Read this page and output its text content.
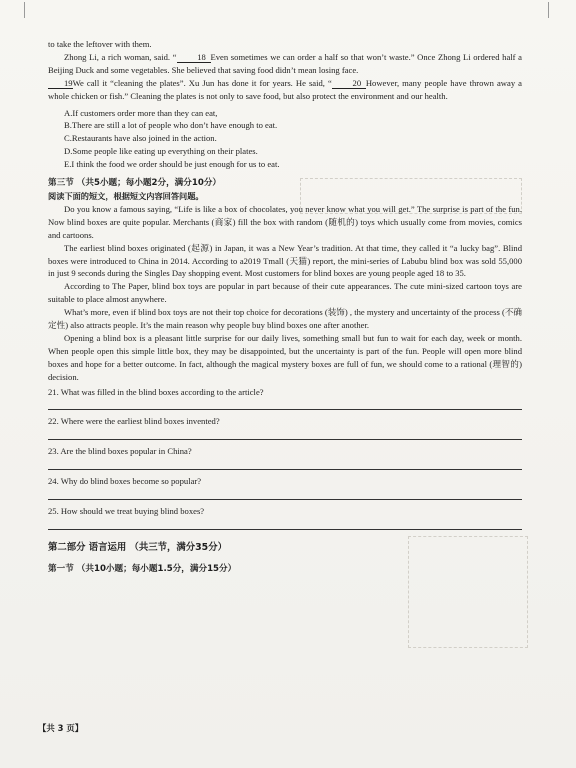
to take the leftover with them.

Zhong Li, a rich woman, said. “ 18 Even sometimes we can order a half so that won’t waste.” Once Zhong Li ordered half a Beijing Duck and some vegetables. She believed that saving food didn’t mean losing face.
19We call it “cleaning the plates”. Xu Jun has done it for years. He said, “ 20 However, many people have thrown away a whole chicken or fish.” Cleaning the plates is not only to save food, but also protect the environment and our health.

A.If customers order more than they can eat,

B.There are still a lot of people who don’t have enough to eat.

C.Restaurants have also joined in the action.

D.Some people like eating up everything on their plates.

E.I think the food we order should be just enough for us to eat.

第三节 （共5小题；每小题2分，满分10分）

阅读下面的短文，根据短文内容回答问题。

Do you know a famous saying, “Life is like a box of chocolates, you never know what you will get.” The surprise is part of the fun. Now blind boxes are quite popular. Merchants (商家) fill the box with random (随机的) toys which usually come from movies, comics and cartoons.

The earliest blind boxes originated (起源) in Japan, it was a New Year’s tradition. At that time, they called it “a lucky bag”. Blind boxes were introduced to China in 2014. According to a2019 Tmall (天猫) report, the mini-series of Labubu blind box was sold 55,000 in just 9 seconds during the Singles Day shopping event. Most customers for blind boxes are young people aged 18 to 35.

According to The Paper, blind box toys are popular in part because of their cute appearances. The cute mini-sized cartoon toys are suitable to place almost anywhere.

What’s more, even if blind box toys are not their top choice for decorations (装饰) , the mystery and uncertainty of the process (不确定性) also attracts people. It’s the main reason why people buy blind boxes one after another.

Opening a blind box is a pleasant little surprise for our daily lives, something small but fun to wait for each day, week or month. When people open this simple little box, they may be disappointed, but the uncertainty is part of the fun. People will open more blind boxes and hope for a better outcome. In fact, although the magical mystery boxes are full of fun, we should come to a rational (理智的) decision.

21. What was filled in the blind boxes according to the article?

22. Where were the earliest blind boxes invented?

23. Are the blind boxes popular in China?

24. Why do blind boxes become so popular?

25. How should we treat buying blind boxes?

第二部分 语言运用 （共三节，满分35分）

第一节 （共10小题；每小题1.5分，满分15分）

【共 3 页】
